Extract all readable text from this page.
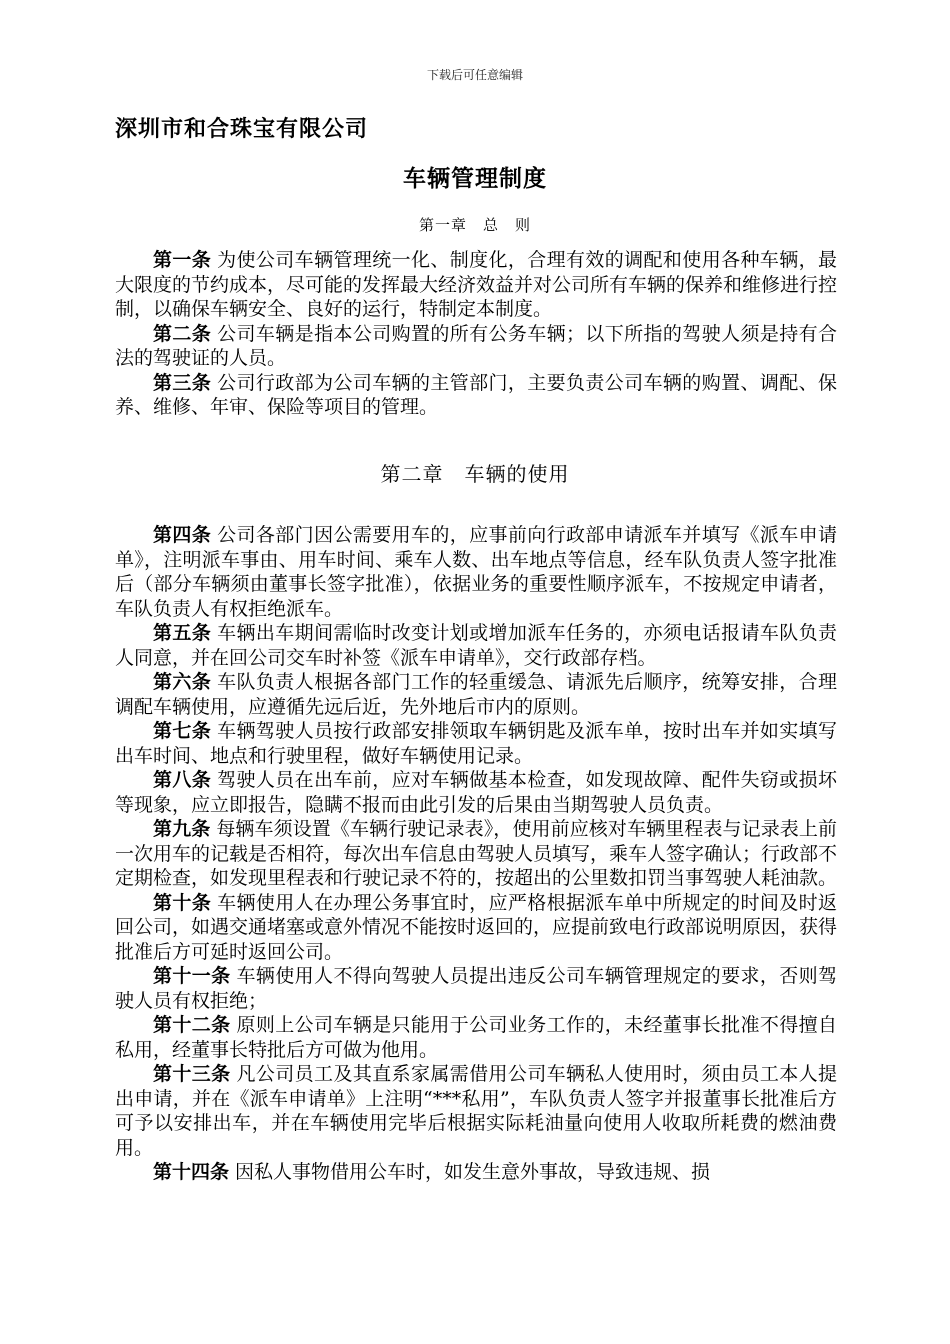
下载后可任意编辑
深圳市和合珠宝有限公司
车辆管理制度
第一章　总　则

第一条 为使公司车辆管理统一化、制度化，合理有效的调配和使用各种车辆，最大限度的节约成本，尽可能的发挥最大经济效益并对公司所有车辆的保养和维修进行控制，以确保车辆安全、良好的运行，特制定本制度。

第二条 公司车辆是指本公司购置的所有公务车辆；以下所指的驾驶人须是持有合法的驾驶证的人员。

第三条 公司行政部为公司车辆的主管部门，主要负责公司车辆的购置、调配、保养、维修、年审、保险等项目的管理。

第二章　车辆的使用

第四条 公司各部门因公需要用车的，应事前向行政部申请派车并填写《派车申请单》，注明派车事由、用车时间、乘车人数、出车地点等信息，经车队负责人签字批准后（部分车辆须由董事长签字批准），依据业务的重要性顺序派车，不按规定申请者，车队负责人有权拒绝派车。

第五条 车辆出车期间需临时改变计划或增加派车任务的，亦须电话报请车队负责人同意，并在回公司交车时补签《派车申请单》，交行政部存档。

第六条 车队负责人根据各部门工作的轻重缓急、请派先后顺序，统筹安排，合理调配车辆使用，应遵循先远后近，先外地后市内的原则。

第七条 车辆驾驶人员按行政部安排领取车辆钥匙及派车单，按时出车并如实填写出车时间、地点和行驶里程，做好车辆使用记录。

第八条 驾驶人员在出车前，应对车辆做基本检查，如发现故障、配件失窃或损坏等现象，应立即报告，隐瞒不报而由此引发的后果由当期驾驶人员负责。

第九条 每辆车须设置《车辆行驶记录表》，使用前应核对车辆里程表与记录表上前一次用车的记载是否相符，每次出车信息由驾驶人员填写，乘车人签字确认；行政部不定期检查，如发现里程表和行驶记录不符的，按超出的公里数扣罚当事驾驶人耗油款。

第十条 车辆使用人在办理公务事宜时，应严格根据派车单中所规定的时间及时返回公司，如遇交通堵塞或意外情况不能按时返回的，应提前致电行政部说明原因，获得批准后方可延时返回公司。

第十一条 车辆使用人不得向驾驶人员提出违反公司车辆管理规定的要求，否则驾驶人员有权拒绝；

第十二条 原则上公司车辆是只能用于公司业务工作的，未经董事长批准不得擅自私用，经董事长特批后方可做为他用。

第十三条 凡公司员工及其直系家属需借用公司车辆私人使用时，须由员工本人提出申请，并在《派车申请单》上注明“***私用”，车队负责人签字并报董事长批准后方可予以安排出车，并在车辆使用完毕后根据实际耗油量向使用人收取所耗费的燃油费用。

第十四条 因私人事物借用公车时，如发生意外事故，导致违规、损
